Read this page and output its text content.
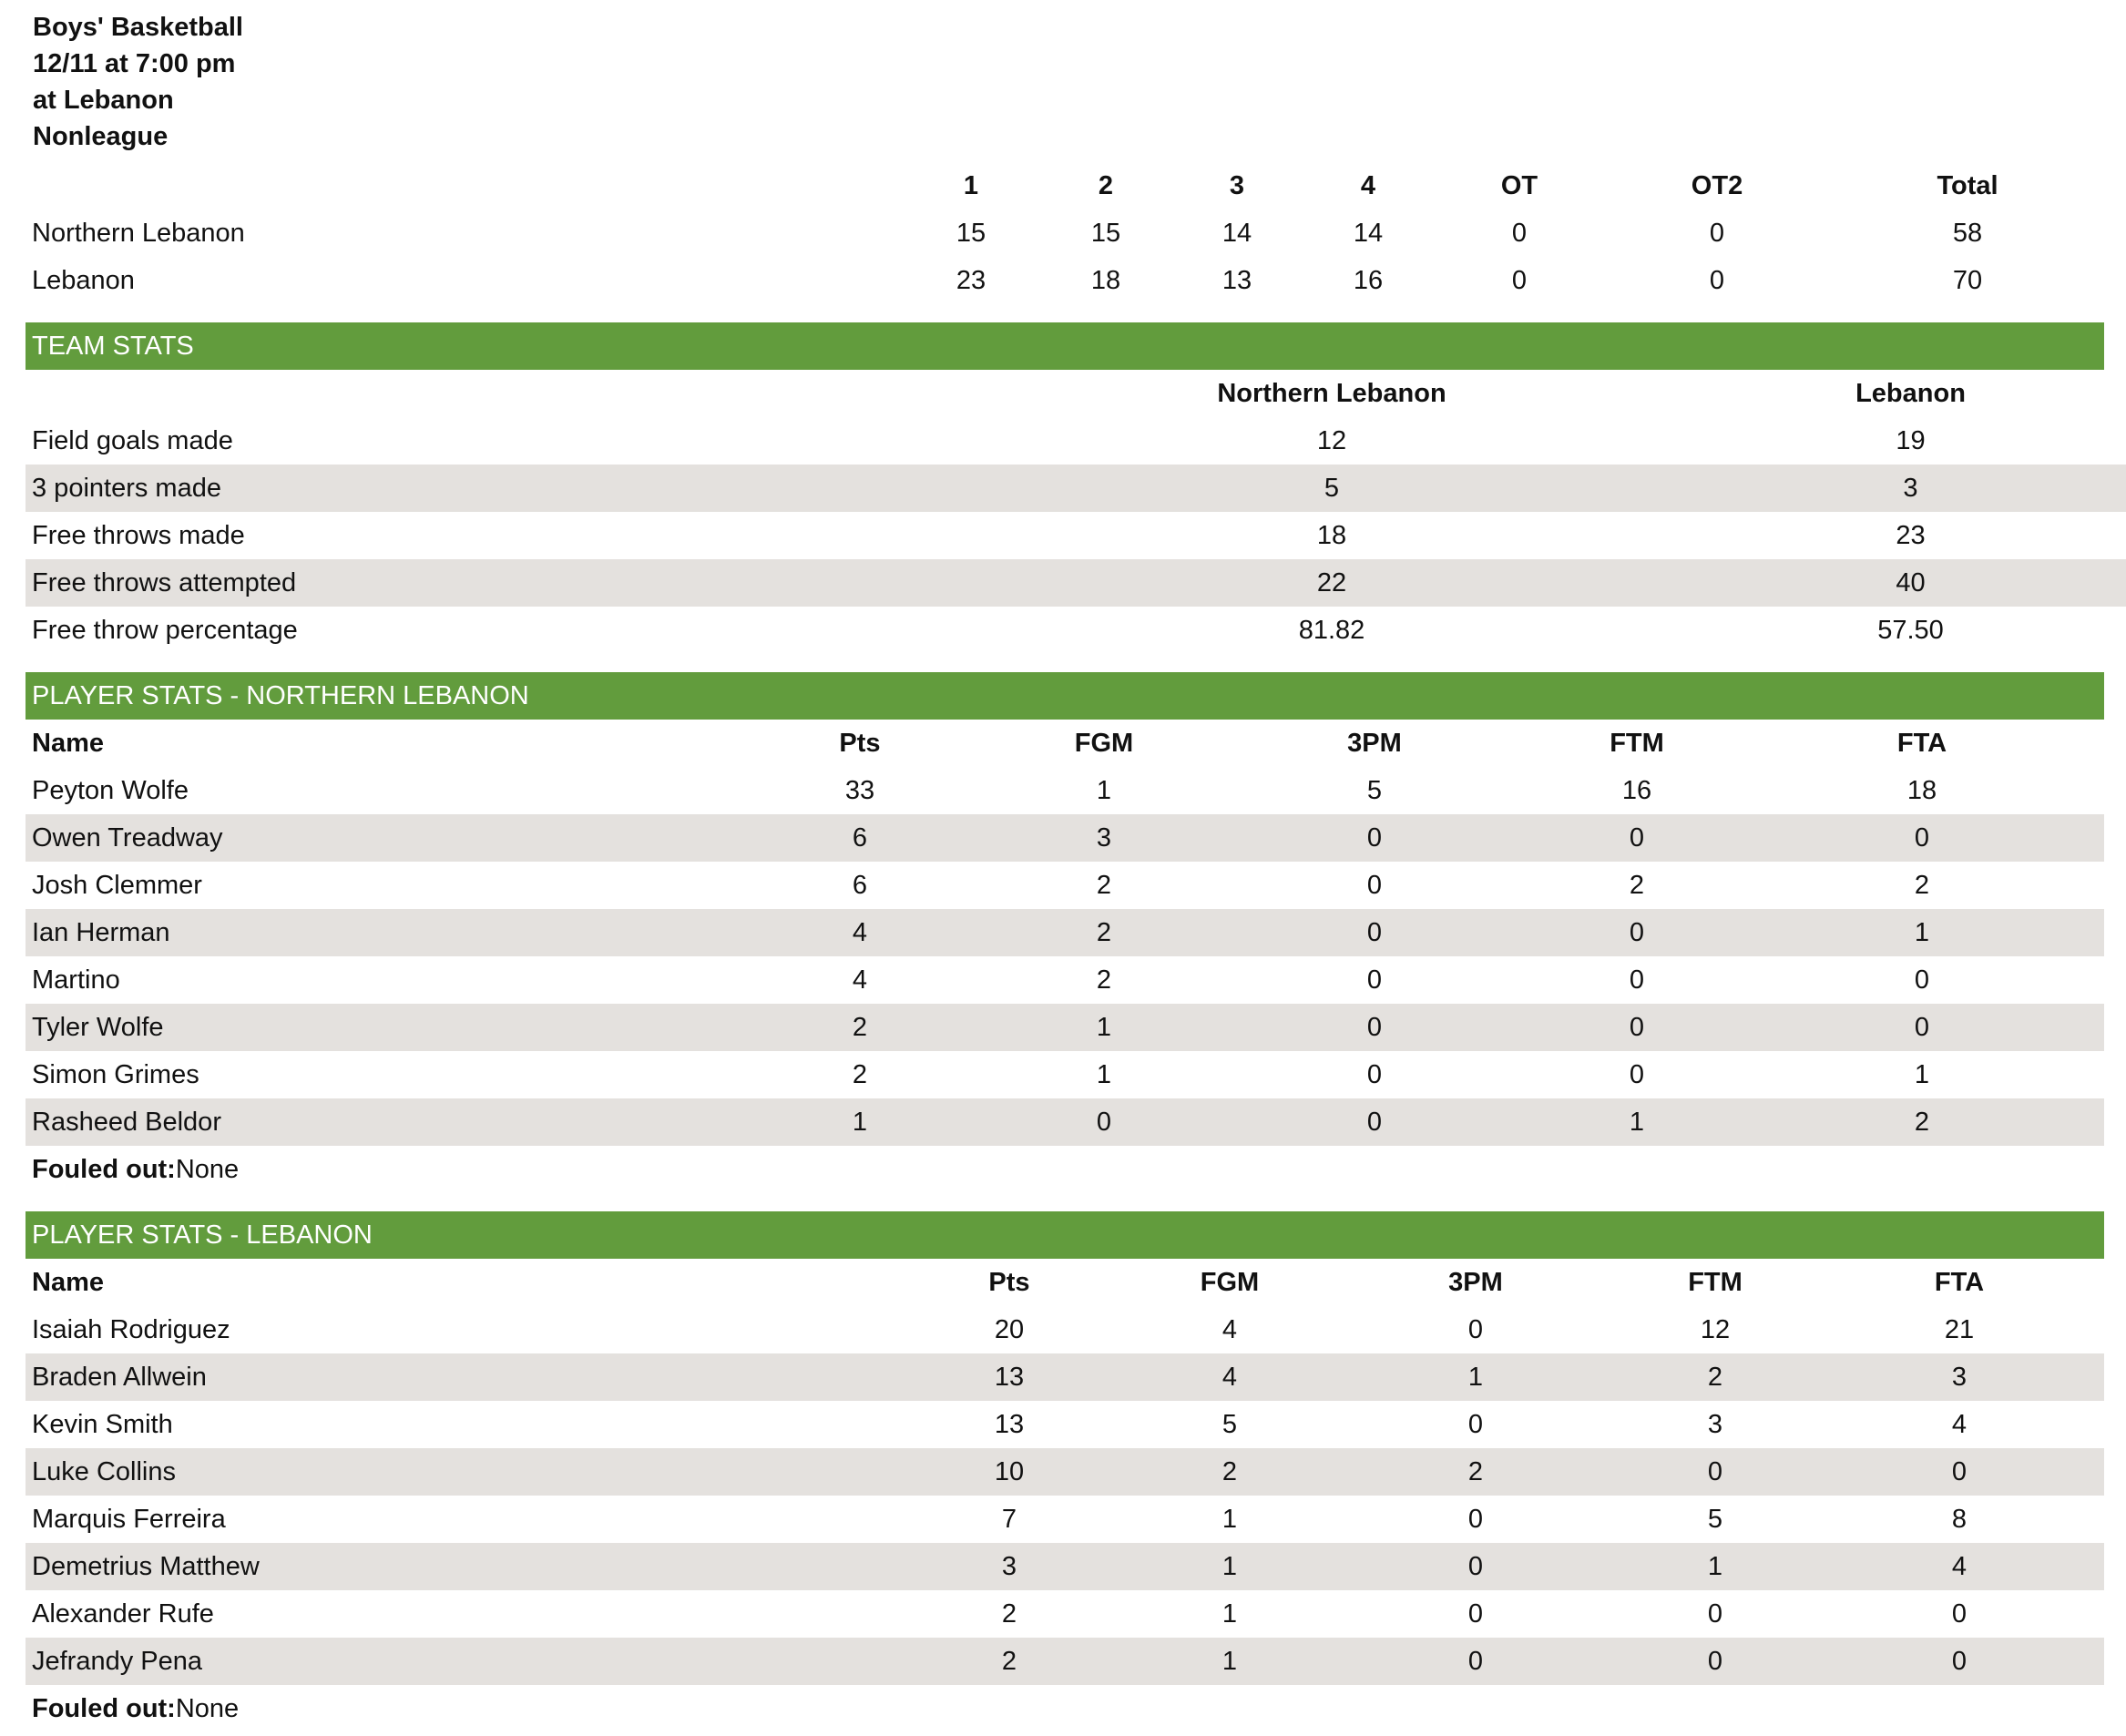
Boys' Basketball
12/11 at 7:00 pm
at Lebanon
Nonleague
	1	2	3	4	OT	OT2	Total
Northern Lebanon	15	15	14	14	0	0	58
Lebanon	23	18	13	16	0	0	70
TEAM STATS
	Northern Lebanon	Lebanon
Field goals made	12	19
3 pointers made	5	3
Free throws made	18	23
Free throws attempted	22	40
Free throw percentage	81.82	57.50
PLAYER STATS - NORTHERN LEBANON
Name	Pts	FGM	3PM	FTM	FTA
Peyton Wolfe	33	1	5	16	18
Owen Treadway	6	3	0	0	0
Josh Clemmer	6	2	0	2	2
Ian Herman	4	2	0	0	1
Martino	4	2	0	0	0
Tyler Wolfe	2	1	0	0	0
Simon Grimes	2	1	0	0	1
Rasheed Beldor	1	0	0	1	2
Fouled out:None
PLAYER STATS - LEBANON
Name	Pts	FGM	3PM	FTM	FTA
Isaiah Rodriguez	20	4	0	12	21
Braden Allwein	13	4	1	2	3
Kevin Smith	13	5	0	3	4
Luke Collins	10	2	2	0	0
Marquis Ferreira	7	1	0	5	8
Demetrius Matthew	3	1	0	1	4
Alexander Rufe	2	1	0	0	0
Jefrandy Pena	2	1	0	0	0
Fouled out:None
